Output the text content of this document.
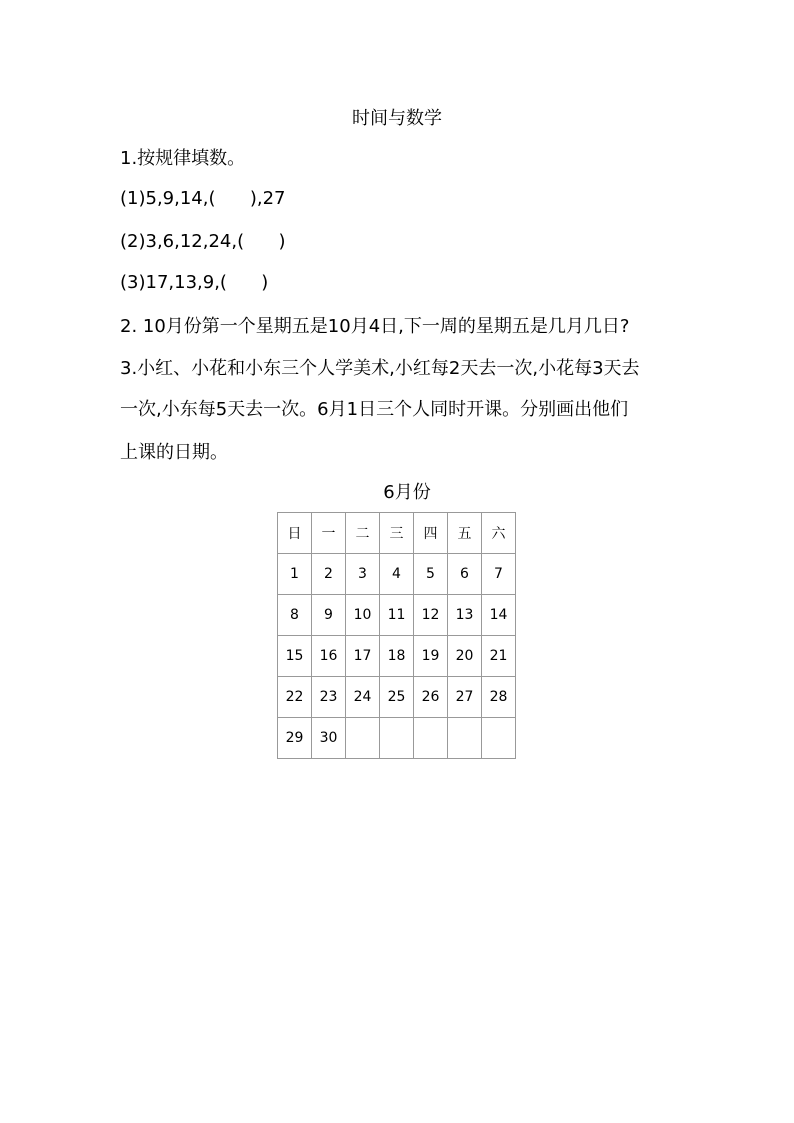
时间与数学
1.按规律填数。
(1)5,9,14,(      ),27
(2)3,6,12,24,(      )
(3)17,13,9,(      )
2. 10月份第一个星期五是10月4日,下一周的星期五是几月几日?
3.小红、小花和小东三个人学美术,小红每2天去一次,小花每3天去
一次,小东每5天去一次。6月1日三个人同时开课。分别画出他们
上课的日期。
6月份
日	一	二	三	四	五	六
1	2	3	4	5	6	7
8	9	10	11	12	13	14
15	16	17	18	19	20	21
22	23	24	25	26	27	28
29	30					
